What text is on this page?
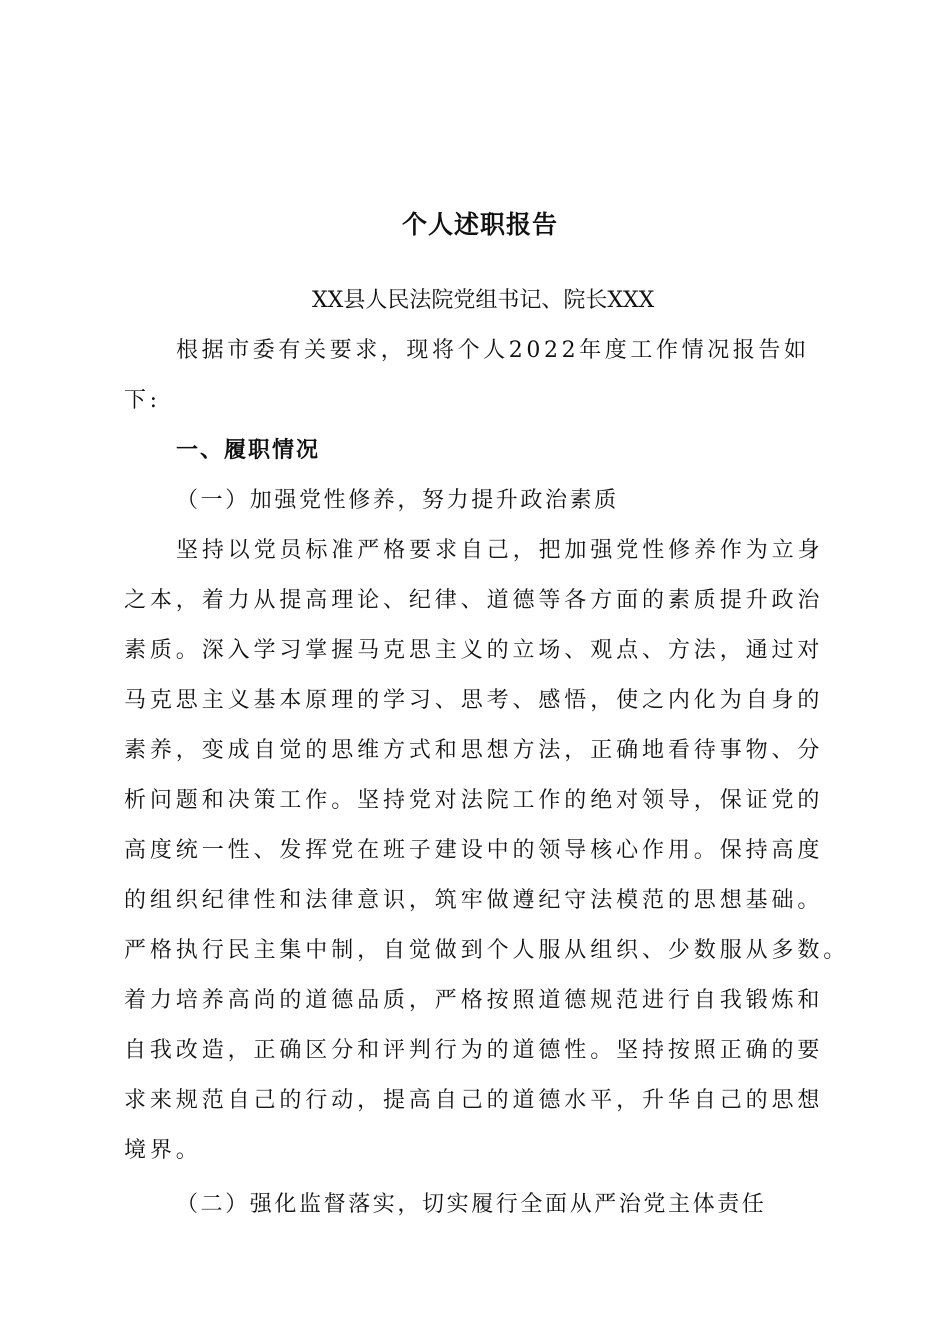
个人述职报告
XX县人民法院党组书记、院长XXX
根据市委有关要求，现将个人2022年度工作情况报告如下:
一、履职情况
（一）加强党性修养，努力提升政治素质
坚持以党员标准严格要求自己，把加强党性修养作为立身
之本，着力从提高理论、纪律、道德等各方面的素质提升政治
素质。深入学习掌握马克思主义的立场、观点、方法，通过对
马克思主义基本原理的学习、思考、感悟，使之内化为自身的
素养，变成自觉的思维方式和思想方法，正确地看待事物、分
析问题和决策工作。坚持党对法院工作的绝对领导，保证党的
高度统一性、发挥党在班子建设中的领导核心作用。保持高度
的组织纪律性和法律意识，筑牢做遵纪守法模范的思想基础。
严格执行民主集中制，自觉做到个人服从组织、少数服从多数。
着力培养高尚的道德品质，严格按照道德规范进行自我锻炼和
自我改造，正确区分和评判行为的道德性。坚持按照正确的要
求来规范自己的行动，提高自己的道德水平，升华自己的思想
境界。
（二）强化监督落实，切实履行全面从严治党主体责任
